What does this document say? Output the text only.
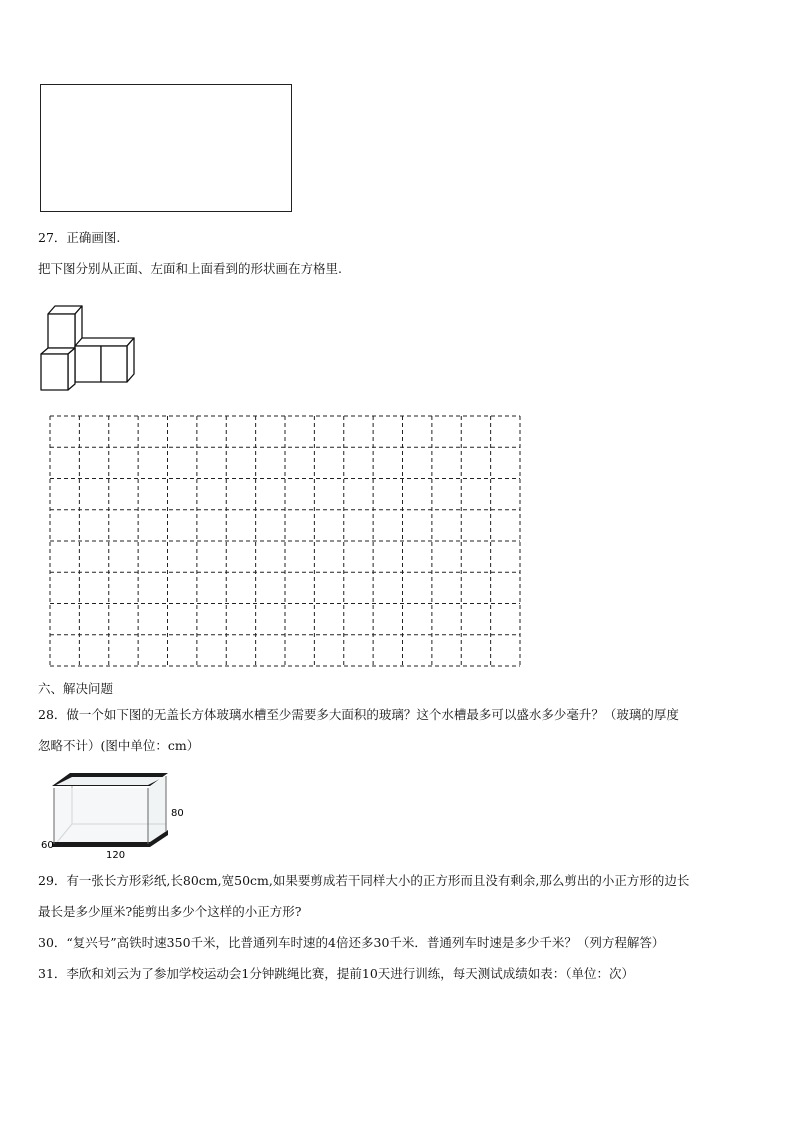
27．正确画图.
把下图分别从正面、左面和上面看到的形状画在方格里.
六、解决问题
28．做一个如下图的无盖长方体玻璃水槽至少需要多大面积的玻璃？这个水槽最多可以盛水多少毫升？（玻璃的厚度
忽略不计）(图中单位：cm）
80
60
120
29．有一张长方形彩纸,长80cm,宽50cm,如果要剪成若干同样大小的正方形而且没有剩余,那么剪出的小正方形的边长
最长是多少厘米?能剪出多少个这样的小正方形?
30．“复兴号”高铁时速350千米，比普通列车时速的4倍还多30千米．普通列车时速是多少千米？（列方程解答）
31．李欣和刘云为了参加学校运动会1分钟跳绳比赛，提前10天进行训练，每天测试成绩如表：（单位：次）
